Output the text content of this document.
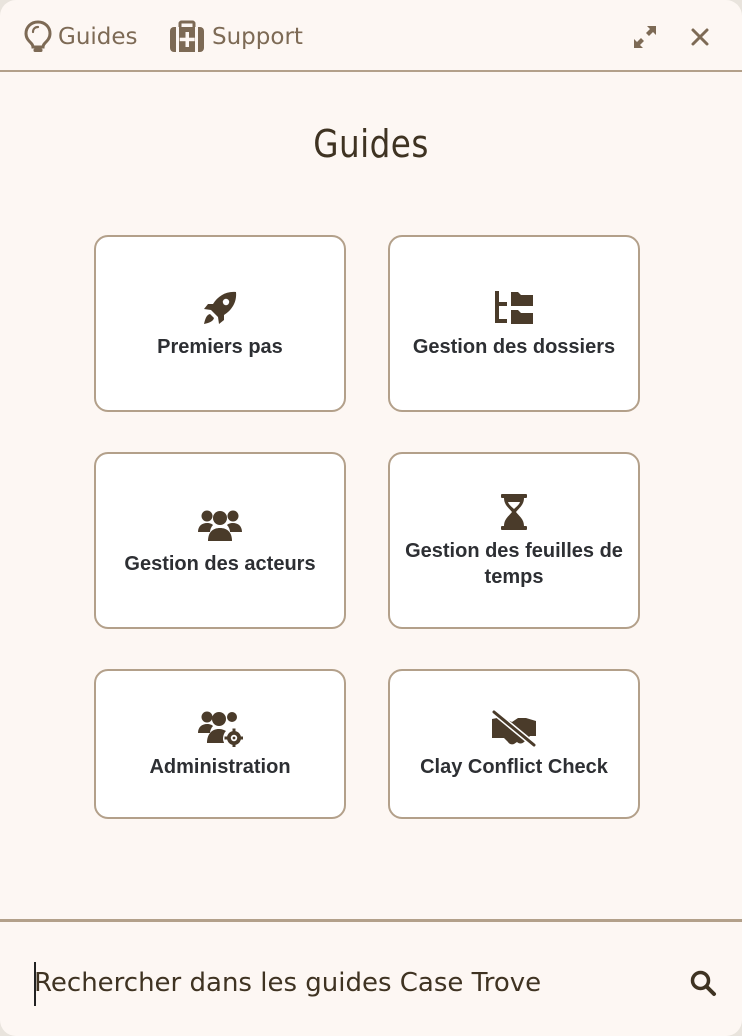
Guides	Support
Guides
Premiers pas	Gestion des dossiers
Gestion des acteurs
Gestion des feuilles de temps
Administration	Clay Conflict Check
Rechercher dans les guides Case Trove
